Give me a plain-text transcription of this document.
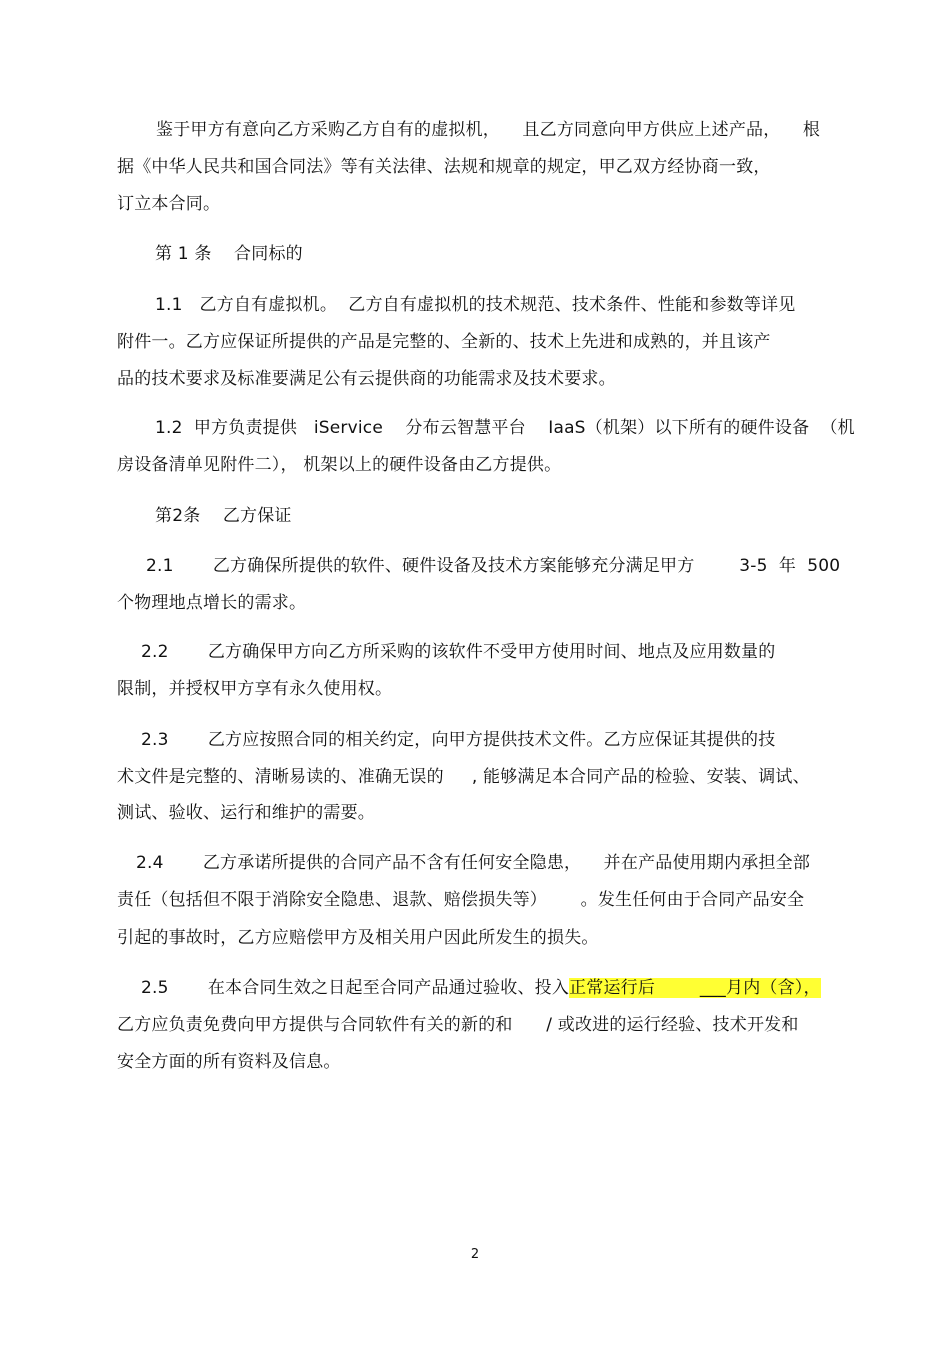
鉴于甲方有意向乙方采购乙方自有的虚拟机，    且乙方同意向甲方供应上述产品，    根
据《中华人民共和国合同法》等有关法律、法规和规章的规定，甲乙双方经协商一致，
订立本合同。
第 1 条    合同标的
1.1   乙方自有虚拟机。  乙方自有虚拟机的技术规范、技术条件、性能和参数等详见
附件一。乙方应保证所提供的产品是完整的、全新的、技术上先进和成熟的，并且该产
品的技术要求及标准要满足公有云提供商的功能需求及技术要求。
1.2  甲方负责提供   iService    分布云智慧平台    IaaS（机架）以下所有的硬件设备  （机
房设备清单见附件二）， 机架以上的硬件设备由乙方提供。
第2条    乙方保证
2.1       乙方确保所提供的软件、硬件设备及技术方案能够充分满足甲方        3-5  年  500
个物理地点增长的需求。
2.2       乙方确保甲方向乙方所采购的该软件不受甲方使用时间、地点及应用数量的
限制，并授权甲方享有永久使用权。
2.3       乙方应按照合同的相关约定，向甲方提供技术文件。乙方应保证其提供的技
术文件是完整的、清晰易读的、准确无误的     , 能够满足本合同产品的检验、安装、调试、
测试、验收、运行和维护的需要。
2.4       乙方承诺所提供的合同产品不含有任何安全隐患，    并在产品使用期内承担全部
责任（包括但不限于消除安全隐患、退款、赔偿损失等）      。发生任何由于合同产品安全
引起的事故时，乙方应赔偿甲方及相关用户因此所发生的损失。
2.5       在本合同生效之日起至合同产品通过验收、投入正常运行后        ___月内（含），
乙方应负责免费向甲方提供与合同软件有关的新的和      / 或改进的运行经验、技术开发和
安全方面的所有资料及信息。
2
